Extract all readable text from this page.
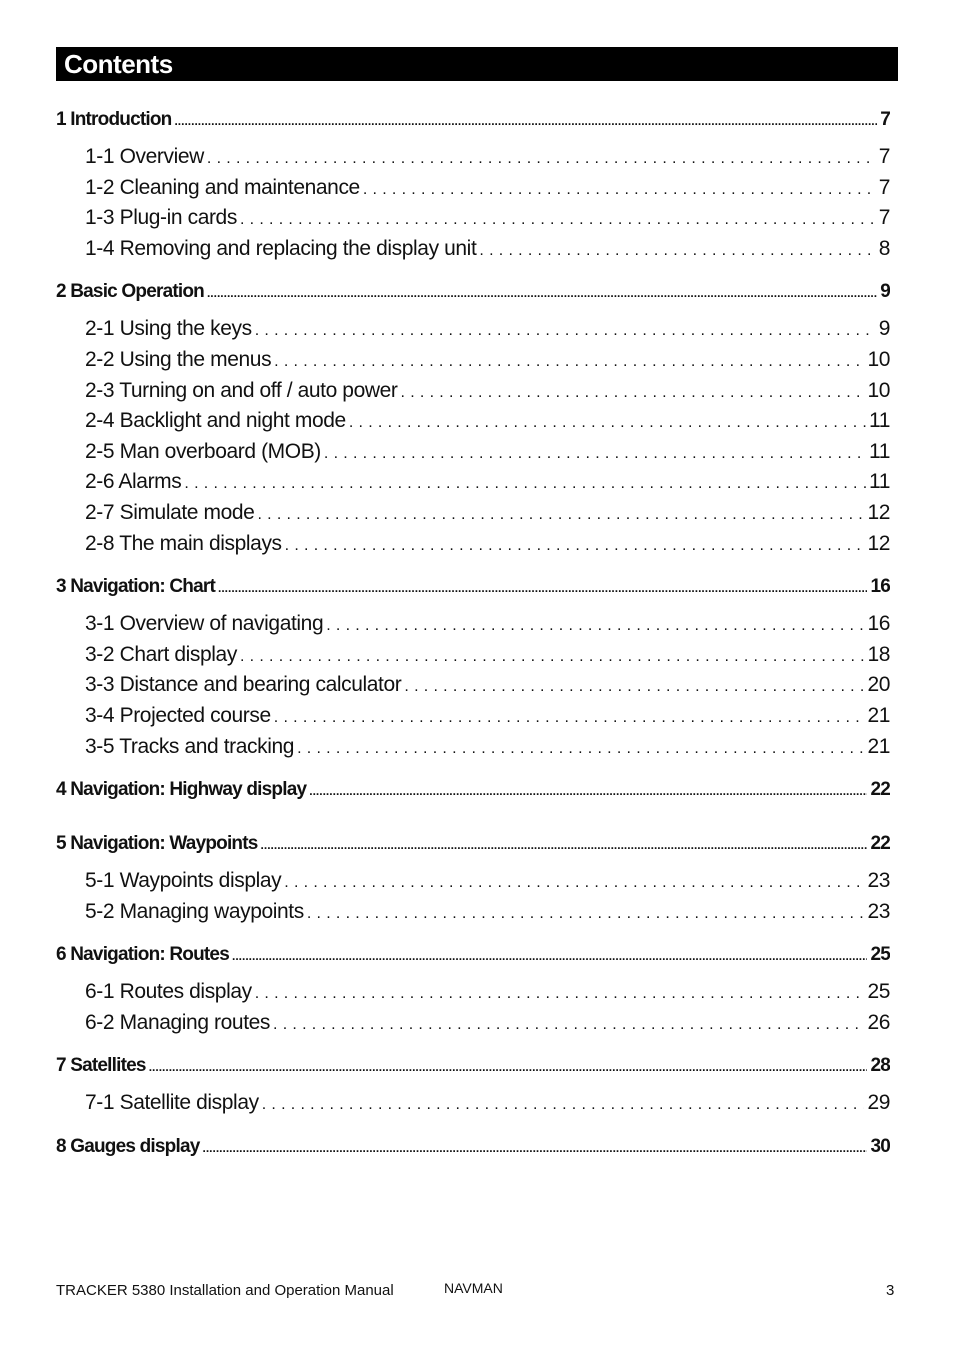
Contents
1 Introduction .....	7
1-1 Overview . . .	7
1-2 Cleaning and maintenance . . .	7
1-3 Plug-in cards . . .	7
1-4 Removing and replacing the display unit . . .	8
2 Basic Operation .....	9
2-1 Using the keys . . .	9
2-2 Using the menus . . .	10
2-3 Turning on and off / auto power . . .	10
2-4 Backlight and night mode . . .	11
2-5 Man overboard (MOB) . . .	11
2-6 Alarms . . .	11
2-7 Simulate mode . . .	12
2-8 The main displays . . .	12
3 Navigation: Chart .....	16
3-1 Overview of navigating . . .	16
3-2 Chart display . . .	18
3-3 Distance and bearing calculator . . .	20
3-4 Projected course . . .	21
3-5 Tracks and tracking . . .	21
4 Navigation: Highway display .....	22
5 Navigation: Waypoints .....	22
5-1 Waypoints display . . .	23
5-2 Managing waypoints . . .	23
6 Navigation: Routes .....	25
6-1 Routes display . . .	25
6-2 Managing routes . . .	26
7 Satellites .....	28
7-1 Satellite display . . .	29
8 Gauges display .....	30
TRACKER 5380 Installation and Operation Manual	NAVMAN	3
